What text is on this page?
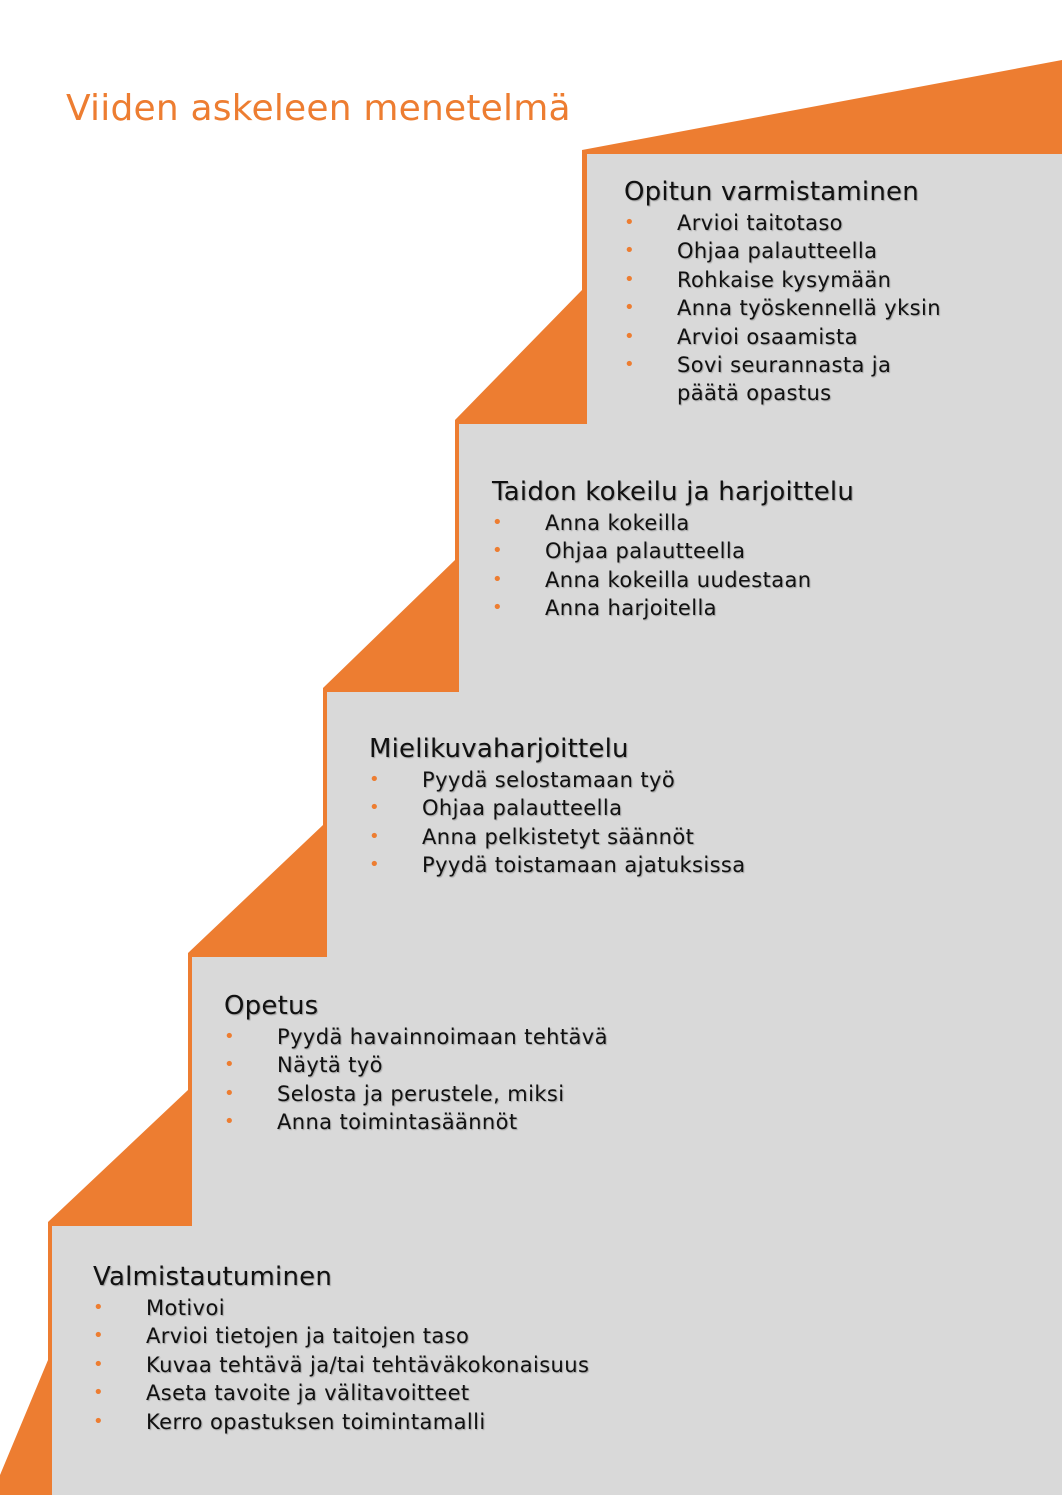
Viiden askeleen menetelmä
Opitun varmistaminen
• Arvioi taitotaso
• Ohjaa palautteella
• Rohkaise kysymään
• Anna työskennellä yksin
• Arvioi osaamista
• Sovi seurannasta ja
päätä opastus
Taidon kokeilu ja harjoittelu
• Anna kokeilla
• Ohjaa palautteella
• Anna kokeilla uudestaan
• Anna harjoitella
Mielikuvaharjoittelu
• Pyydä selostamaan työ
• Ohjaa palautteella
• Anna pelkistetyt säännöt
• Pyydä toistamaan ajatuksissa
Opetus
• Pyydä havainnoimaan tehtävä
• Näytä työ
• Selosta ja perustele, miksi
• Anna toimintasäännöt
Valmistautuminen
• Motivoi
• Arvioi tietojen ja taitojen taso
• Kuvaa tehtävä ja/tai tehtäväkokonaisuus
• Aseta tavoite ja välitavoitteet
• Kerro opastuksen toimintamalli
